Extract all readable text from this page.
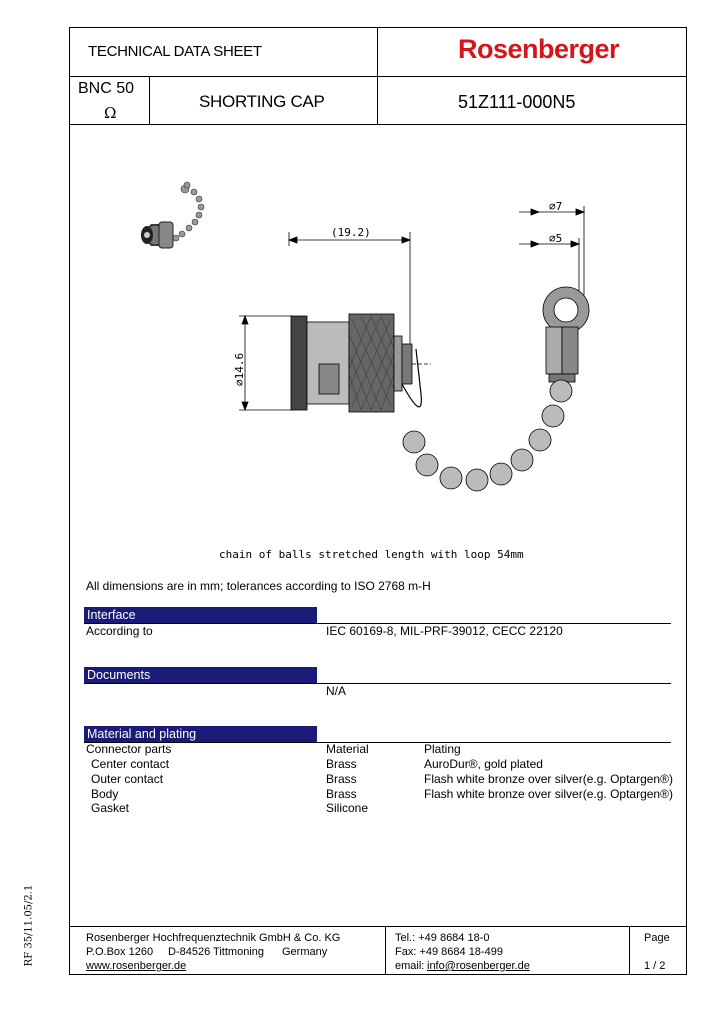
TECHNICAL DATA SHEET	Rosenberger
BNC 50
Ω
SHORTING CAP	51Z111-000N5
(19.2)
⌀7
⌀5
⌀14.6
chain of balls stretched length with loop 54mm
All dimensions are in mm; tolerances according to ISO 2768 m-H
Interface
According to	IEC 60169-8, MIL-PRF-39012, CECC 22120
Documents
N/A
Material and plating
Connector parts	Material	Plating
Center contact	Brass	AuroDur®, gold plated
Outer contact	Brass	Flash white bronze over silver(e.g. Optargen®)
Body	Brass	Flash white bronze over silver(e.g. Optargen®)
Gasket	Silicone
Rosenberger Hochfrequenztechnik GmbH & Co. KG
P.O.Box 1260 D-84526 Tittmoning Germany
www.rosenberger.de
Tel.: +49 8684 18-0
Fax: +49 8684 18-499
email: info@rosenberger.de
Page
1 / 2
RF 35/11.05/2.1
